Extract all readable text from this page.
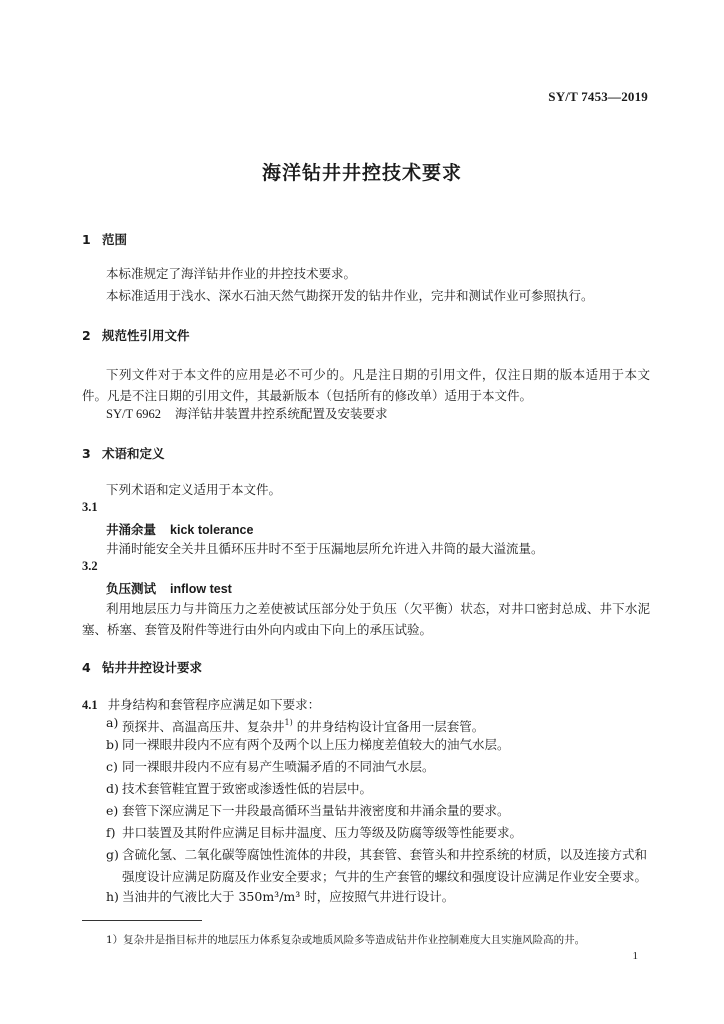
SY/T 7453—2019
海洋钻井井控技术要求
1 范围
本标准规定了海洋钻井作业的井控技术要求。
本标准适用于浅水、深水石油天然气勘探开发的钻井作业，完井和测试作业可参照执行。
2 规范性引用文件
下列文件对于本文件的应用是必不可少的。凡是注日期的引用文件，仅注日期的版本适用于本文件。凡是不注日期的引用文件，其最新版本（包括所有的修改单）适用于本文件。
SY/T 6962 海洋钻井装置井控系统配置及安装要求
3 术语和定义
下列术语和定义适用于本文件。
3.1
井涌余量 kick tolerance
井涌时能安全关井且循环压井时不至于压漏地层所允许进入井筒的最大溢流量。
3.2
负压测试 inflow test
利用地层压力与井筒压力之差使被试压部分处于负压（欠平衡）状态，对井口密封总成、井下水泥塞、桥塞、套管及附件等进行由外向内或由下向上的承压试验。
4 钻井井控设计要求
4.1 井身结构和套管程序应满足如下要求：
a) 预探井、高温高压井、复杂井$^{1)}$ 的井身结构设计宜备用一层套管。
b) 同一裸眼井段内不应有两个及两个以上压力梯度差值较大的油气水层。
c) 同一裸眼井段内不应有易产生喷漏矛盾的不同油气水层。
d) 技术套管鞋宜置于致密或渗透性低的岩层中。
e) 套管下深应满足下一井段最高循环当量钻井液密度和井涌余量的要求。
f) 井口装置及其附件应满足目标井温度、压力等级及防腐等级等性能要求。
g) 含硫化氢、二氧化碳等腐蚀性流体的井段，其套管、套管头和井控系统的材质，以及连接方式和强度设计应满足防腐及作业安全要求；气井的生产套管的螺纹和强度设计应满足作业安全要求。
h) 当油井的气液比大于 350m³/m³ 时，应按照气井进行设计。
1）复杂井是指目标井的地层压力体系复杂或地质风险多等造成钻井作业控制难度大且实施风险高的井。
1
